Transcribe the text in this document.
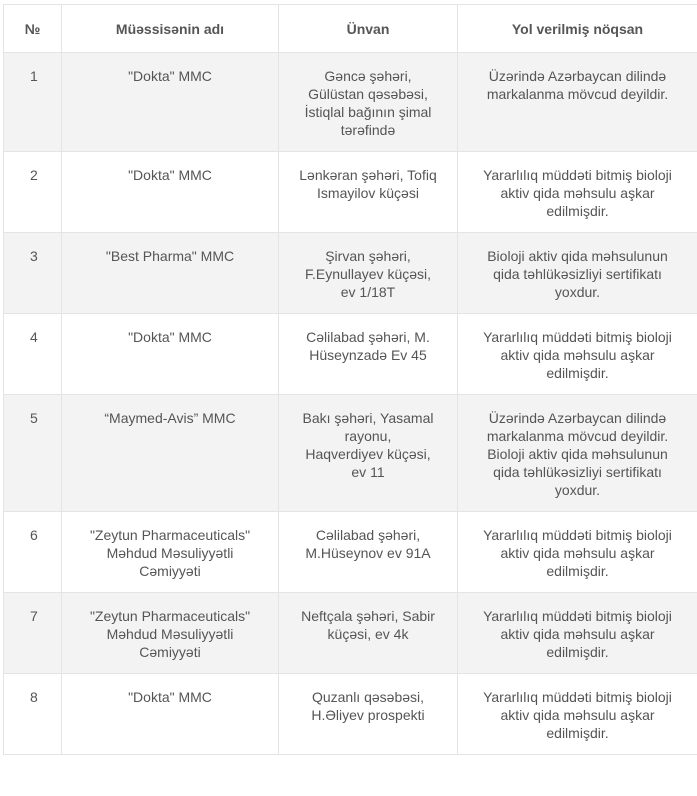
№	Müəssisənin adı	Ünvan	Yol verilmiş nöqsan
1	"Dokta" MMC	Gəncə şəhəri,
Gülüstan qəsəbəsi,
İstiqlal bağının şimal
tərəfində	Üzərində Azərbaycan dilində
markalanma mövcud deyildir.
2	"Dokta" MMC	Lənkəran şəhəri, Tofiq
Ismayilov küçəsi	Yararlılıq müddəti bitmiş bioloji
aktiv qida məhsulu aşkar
edilmişdir.
3	"Best Pharma" MMC	Şirvan şəhəri,
F.Eynullayev küçəsi,
ev 1/18T	Bioloji aktiv qida məhsulunun
qida təhlükəsizliyi sertifikatı
yoxdur.
4	"Dokta" MMC	Cəlilabad şəhəri, M.
Hüseynzadə Ev 45	Yararlılıq müddəti bitmiş bioloji
aktiv qida məhsulu aşkar
edilmişdir.
5	“Maymed-Avis” MMC	Bakı şəhəri, Yasamal
rayonu,
Haqverdiyev küçəsi,
ev 11	Üzərində Azərbaycan dilində
markalanma mövcud deyildir.
Bioloji aktiv qida məhsulunun
qida təhlükəsizliyi sertifikatı
yoxdur.
6	"Zeytun Pharmaceuticals"
Məhdud Məsuliyyətli
Cəmiyyəti	Cəlilabad şəhəri,
M.Hüseynov ev 91A	Yararlılıq müddəti bitmiş bioloji
aktiv qida məhsulu aşkar
edilmişdir.
7	"Zeytun Pharmaceuticals"
Məhdud Məsuliyyətli
Cəmiyyəti	Neftçala şəhəri, Sabir
küçəsi, ev 4k	Yararlılıq müddəti bitmiş bioloji
aktiv qida məhsulu aşkar
edilmişdir.
8	"Dokta" MMC	Quzanlı qəsəbəsi,
H.Əliyev prospekti	Yararlılıq müddəti bitmiş bioloji
aktiv qida məhsulu aşkar
edilmişdir.
